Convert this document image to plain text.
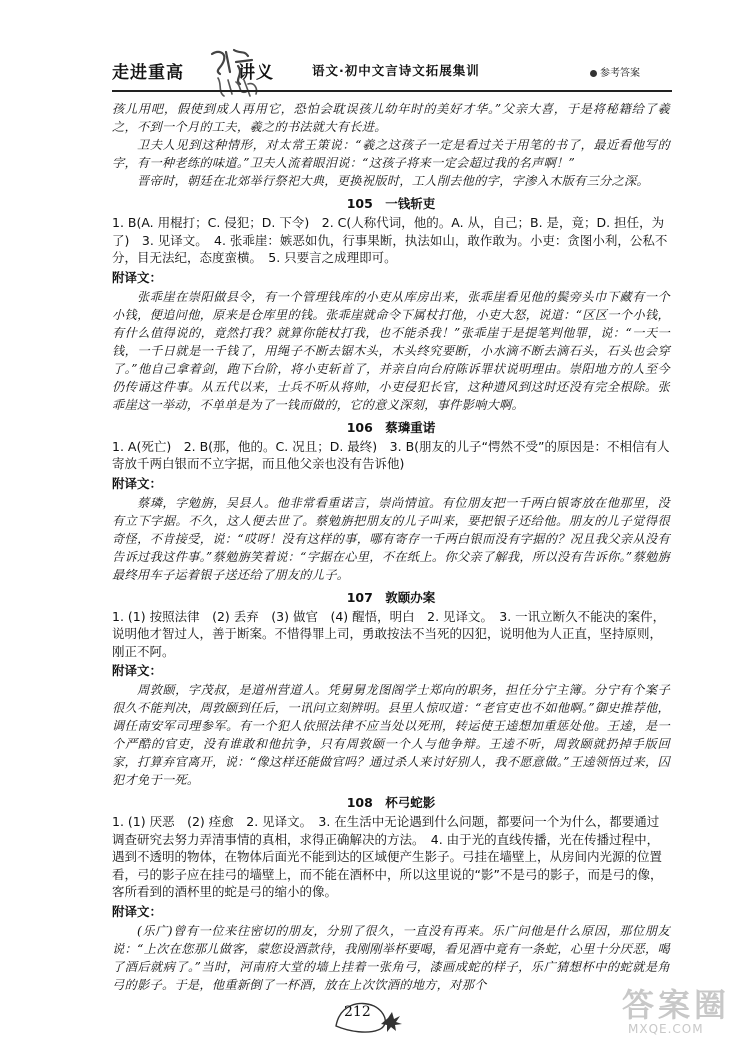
走进重高	讲义	语文·初中文言诗文拓展集训	参考答案

孩儿用吧，假使到成人再用它，恐怕会耽误孩儿幼年时的美好才华。”父亲大喜，于是将秘籍给了羲之，不到一个月的工夫，羲之的书法就大有长进。

卫夫人见到这种情形，对太常王策说：“羲之这孩子一定是看过关于用笔的书了，最近看他写的字，有一种老练的味道。”卫夫人流着眼泪说：“这孩子将来一定会超过我的名声啊！”

晋帝时，朝廷在北郊举行祭祀大典，更换祝版时，工人削去他的字，字渗入木版有三分之深。

105　一钱斩吏

1. B(A. 用棍打；C. 侵犯；D. 下令)　2. C(人称代词，他的。A. 从，自己；B. 是，竟；D. 担任，为了)　3. 见译文。　4. 张乖崖：嫉恶如仇，行事果断，执法如山，敢作敢为。小吏：贪图小利，公私不分，目无法纪，态度蛮横。　5. 只要言之成理即可。

附译文：

张乖崖在崇阳做县令，有一个管理钱库的小吏从库房出来，张乖崖看见他的鬓旁头巾下藏有一个小钱，便追问他，原来是仓库里的钱。张乖崖就命令下属杖打他，小吏大怒，说道：“区区一个小钱，有什么值得说的，竟然打我？就算你能杖打我，也不能杀我！”张乖崖于是提笔判他罪，说：“一天一钱，一千日就是一千钱了，用绳子不断去锯木头，木头终究要断，小水滴不断去滴石头，石头也会穿了。”他自己拿着剑，跑下台阶，将小吏斩首了，并亲自向台府陈诉罪状说明理由。崇阳地方的人至今仍传诵这件事。从五代以来，士兵不听从将帅，小吏侵犯长官，这种遗风到这时还没有完全根除。张乖崖这一举动，不单单是为了一钱而做的，它的意义深刻，事件影响大啊。

106　蔡璘重诺

1. A(死亡)　2. B(那，他的。C. 况且；D. 最终)　3. B(朋友的儿子“愕然不受”的原因是：不相信有人寄放千两白银而不立字据，而且他父亲也没有告诉他)

附译文：

蔡璘，字勉旃，吴县人。他非常看重诺言，崇尚情谊。有位朋友把一千两白银寄放在他那里，没有立下字据。不久，这人便去世了。蔡勉旃把朋友的儿子叫来，要把银子还给他。朋友的儿子觉得很奇怪，不肯接受，说：“哎呀！没有这样的事，哪有寄存一千两白银而没有字据的？况且我父亲从没有告诉过我这件事。”蔡勉旃笑着说：“字据在心里，不在纸上。你父亲了解我，所以没有告诉你。”蔡勉旃最终用车子运着银子送还给了朋友的儿子。

107　敦颐办案

1. (1) 按照法律　(2) 丢弃　(3) 做官　(4) 醒悟，明白　2. 见译文。　3. 一讯立断久不能决的案件，说明他才智过人，善于断案。不惜得罪上司，勇敢按法不当死的囚犯，说明他为人正直，坚持原则，刚正不阿。

附译文：

周敦颐，字茂叔，是道州营道人。凭舅舅龙图阁学士郑向的职务，担任分宁主簿。分宁有个案子很久不能判决，周敦颐到任后，一讯问立刻辨明。县里人惊叹道：“老官吏也不如他啊。”御史推荐他，调任南安军司理参军。有一个犯人依照法律不应当处以死刑，转运使王逵想加重惩处他。王逵，是一个严酷的官吏，没有谁敢和他抗争，只有周敦颐一个人与他争辩。王逵不听，周敦颐就扔掉手版回家，打算弃官离开，说：“像这样还能做官吗？通过杀人来讨好别人，我不愿意做。”王逵领悟过来，囚犯才免于一死。

108　杯弓蛇影

1. (1) 厌恶　(2) 痊愈　2. 见译文。　3. 在生活中无论遇到什么问题，都要问一个为什么，都要通过调查研究去努力弄清事情的真相，求得正确解决的方法。　4. 由于光的直线传播，光在传播过程中，遇到不透明的物体，在物体后面光不能到达的区域便产生影子。弓挂在墙壁上，从房间内光源的位置看，弓的影子应在挂弓的墙壁上，而不能在酒杯中，所以这里说的“影”不是弓的影子，而是弓的像，客所看到的酒杯里的蛇是弓的缩小的像。

附译文：

(乐广)曾有一位来往密切的朋友，分别了很久，一直没有再来。乐广问他是什么原因，那位朋友说：“上次在您那儿做客，蒙您设酒款待，我刚刚举杯要喝，看见酒中竟有一条蛇，心里十分厌恶，喝了酒后就病了。”当时，河南府大堂的墙上挂着一张角弓，漆画成蛇的样子，乐广猜想杯中的蛇就是角弓的影子。于是，他重新倒了一杯酒，放在上次饮酒的地方，对那个

212	答案圈
MXQE.COM
